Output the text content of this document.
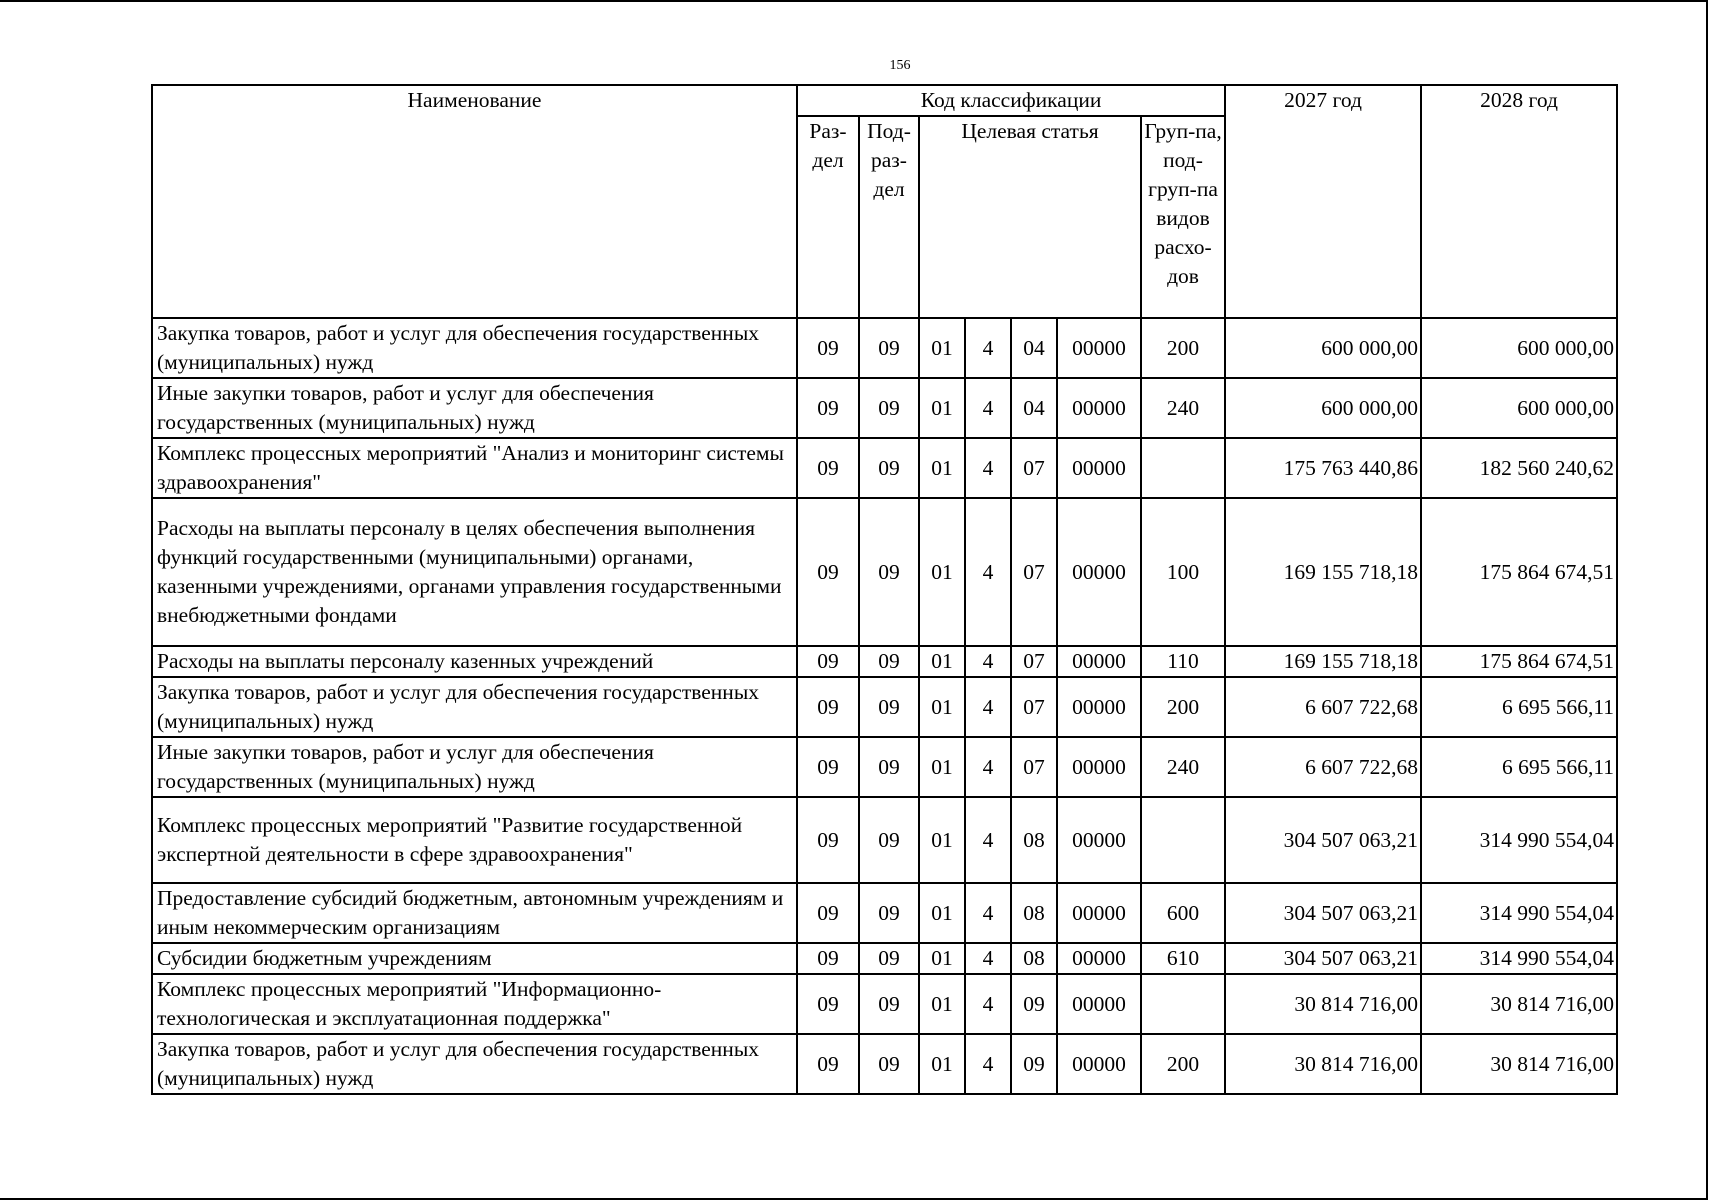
156
Наименование	Код классификации							2027 год	2028 год
	Раз-дел	Под-раз-дел	Целевая статья				Груп-па, под-груп-па видов расхо-дов		
Закупка товаров, работ и услуг для обеспечения государственных (муниципальных) нужд	09	09	01	4	04	00000	200	600 000,00	600 000,00
Иные закупки товаров, работ и услуг для обеспечения государственных (муниципальных) нужд	09	09	01	4	04	00000	240	600 000,00	600 000,00
Комплекс процессных мероприятий "Анализ и мониторинг системы здравоохранения"	09	09	01	4	07	00000		175 763 440,86	182 560 240,62
Расходы на выплаты персоналу в целях обеспечения выполнения функций государственными (муниципальными) органами, казенными учреждениями, органами управления государственными внебюджетными фондами	09	09	01	4	07	00000	100	169 155 718,18	175 864 674,51
Расходы на выплаты персоналу казенных учреждений	09	09	01	4	07	00000	110	169 155 718,18	175 864 674,51
Закупка товаров, работ и услуг для обеспечения государственных (муниципальных) нужд	09	09	01	4	07	00000	200	6 607 722,68	6 695 566,11
Иные закупки товаров, работ и услуг для обеспечения государственных (муниципальных) нужд	09	09	01	4	07	00000	240	6 607 722,68	6 695 566,11
Комплекс процессных мероприятий "Развитие государственной экспертной деятельности в сфере здравоохранения"	09	09	01	4	08	00000		304 507 063,21	314 990 554,04
Предоставление субсидий бюджетным, автономным учреждениям и иным некоммерческим организациям	09	09	01	4	08	00000	600	304 507 063,21	314 990 554,04
Субсидии бюджетным учреждениям	09	09	01	4	08	00000	610	304 507 063,21	314 990 554,04
Комплекс процессных мероприятий "Информационно-технологическая и эксплуатационная поддержка"	09	09	01	4	09	00000		30 814 716,00	30 814 716,00
Закупка товаров, работ и услуг для обеспечения государственных (муниципальных) нужд	09	09	01	4	09	00000	200	30 814 716,00	30 814 716,00
